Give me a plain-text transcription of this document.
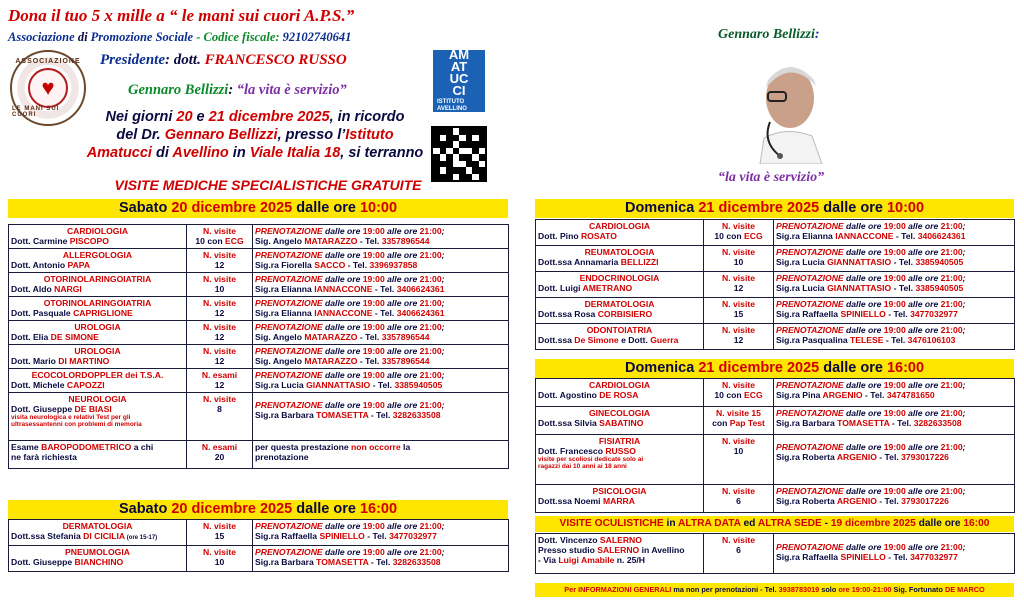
Dona il tuo 5 x mille a “ le mani sui cuori A.P.S.”
Associazione di Promozione Sociale - Codice fiscale: 92102740641
ASSOCIAZIONE
♥
LE MANI SUI CUORI
Presidente: dott. FRANCESCO RUSSO
Gennaro Bellizzi: “la vita è servizio”
AM
AT
UC
CI
ISTITUTO AVELLINO
Nei giorni 20 e 21 dicembre 2025, in ricordo
del Dr. Gennaro Bellizzi, presso l’Istituto
Amatucci di Avellino in Viale Italia 18, si terranno
VISITE MEDICHE SPECIALISTICHE GRATUITE
Sabato 20 dicembre 2025 dalle ore 10:00
CARDIOLOGIA
Dott. Carmine PISCOPO	N. visite
10 con ECG	PRENOTAZIONE dalle ore 19:00 alle ore 21:00;
Sig. Angelo MATARAZZO - Tel. 3357896544

ALLERGOLOGIA
Dott. Antonio PAPA	N. visite
12	PRENOTAZIONE dalle ore 19:00 alle ore 21:00;
Sig.ra Fiorella SACCO - Tel. 3396937858

OTORINOLARINGOIATRIA
Dott. Aldo NARGI	N. visite
10	PRENOTAZIONE dalle ore 19:00 alle ore 21:00;
Sig.ra Elianna IANNACCONE - Tel. 3406624361

OTORINOLARINGOIATRIA
Dott. Pasquale CAPRIGLIONE	N. visite
12	PRENOTAZIONE dalle ore 19:00 alle ore 21:00;
Sig.ra Elianna IANNACCONE - Tel. 3406624361

UROLOGIA
Dott. Elia DE SIMONE	N. visite
12	PRENOTAZIONE dalle ore 19:00 alle ore 21:00;
Sig. Angelo MATARAZZO - Tel. 3357896544

UROLOGIA
Dott. Mario DI MARTINO	N. visite
12	PRENOTAZIONE dalle ore 19:00 alle ore 21:00;
Sig. Angelo MATARAZZO - Tel. 3357896544

ECOCOLORDOPPLER dei T.S.A.
Dott. Michele CAPOZZI	N. esami
12	PRENOTAZIONE dalle ore 19:00 alle ore 21:00;
Sig.ra Lucia GIANNATTASIO - Tel. 3385940505

NEUROLOGIA
Dott. Giuseppe DE BIASI
visita neurologica e relativi Test per gli
ultrasessantenni con problemi di memoria	N. visite
8	PRENOTAZIONE dalle ore 19:00 alle ore 21:00;
Sig.ra Barbara TOMASETTA - Tel. 3282633508

Esame BAROPODOMETRICO a chi
ne farà richiesta	N. esami
20	per questa prestazione non occorre la
prenotazione
Sabato 20 dicembre 2025 dalle ore 16:00
DERMATOLOGIA
Dott.ssa Stefania DI CICILIA (ore 15-17)	N. visite
15	PRENOTAZIONE dalle ore 19:00 alle ore 21:00;
Sig.ra Raffaella SPINIELLO - Tel. 3477032977

PNEUMOLOGIA
Dott. Giuseppe BIANCHINO	N. visite
10	PRENOTAZIONE dalle ore 19:00 alle ore 21:00;
Sig.ra Barbara TOMASETTA - Tel. 3282633508
Gennaro Bellizzi:
“la vita è servizio”
Domenica 21 dicembre 2025 dalle ore 10:00
CARDIOLOGIA
Dott. Pino ROSATO	N. visite
10 con ECG	PRENOTAZIONE dalle ore 19:00 alle ore 21:00;
Sig.ra Elianna IANNACCONE - Tel. 3406624361

REUMATOLOGIA
Dott.ssa Annamaria BELLIZZI	N. visite
10	PRENOTAZIONE dalle ore 19:00 alle ore 21:00;
Sig.ra Lucia GIANNATTASIO - Tel. 3385940505

ENDOCRINOLOGIA
Dott. Luigi AMETRANO	N. visite
12	PRENOTAZIONE dalle ore 19:00 alle ore 21:00;
Sig.ra Lucia GIANNATTASIO - Tel. 3385940505

DERMATOLOGIA
Dott.ssa Rosa CORBISIERO	N. visite
15	PRENOTAZIONE dalle ore 19:00 alle ore 21:00;
Sig.ra Raffaella SPINIELLO - Tel. 3477032977

ODONTOIATRIA
Dott.ssa De Simone e Dott. Guerra	N. visite
12	PRENOTAZIONE dalle ore 19:00 alle ore 21:00;
Sig.ra Pasqualina TELESE - Tel. 3476106103
Domenica 21 dicembre 2025 dalle ore 16:00
CARDIOLOGIA
Dott. Agostino DE ROSA	N. visite
10 con ECG	PRENOTAZIONE dalle ore 19:00 alle ore 21:00;
Sig.ra Pina ARGENIO - Tel. 3474781650

GINECOLOGIA
Dott.ssa Silvia SABATINO	N. visite 15
con Pap Test	PRENOTAZIONE dalle ore 19:00 alle ore 21:00;
Sig.ra Barbara TOMASETTA - Tel. 3282633508

FISIATRIA
Dott. Francesco RUSSO
visite per scoliosi dedicate solo ai
ragazzi dai 10 anni ai 18 anni	N. visite
10	PRENOTAZIONE dalle ore 19:00 alle ore 21:00;
Sig.ra Roberta ARGENIO - Tel. 3793017226

PSICOLOGIA
Dott.ssa Noemi MARRA	N. visite
6	PRENOTAZIONE dalle ore 19:00 alle ore 21:00;
Sig.ra Roberta ARGENIO - Tel. 3793017226
VISITE OCULISTICHE in ALTRA DATA ed ALTRA SEDE - 19 dicembre 2025 dalle ore 16:00
Dott. Vincenzo SALERNO
Presso studio SALERNO in Avellino
- Via Luigi Amabile n. 25/H

N. visite
6	PRENOTAZIONE dalle ore 19:00 alle ore 21:00;
Sig.ra Raffaella SPINIELLO - Tel. 3477032977
Per INFORMAZIONI GENERALI ma non per prenotazioni - Tel. 3938783019 solo ore 19:00-21:00 Sig. Fortunato DE MARCO
